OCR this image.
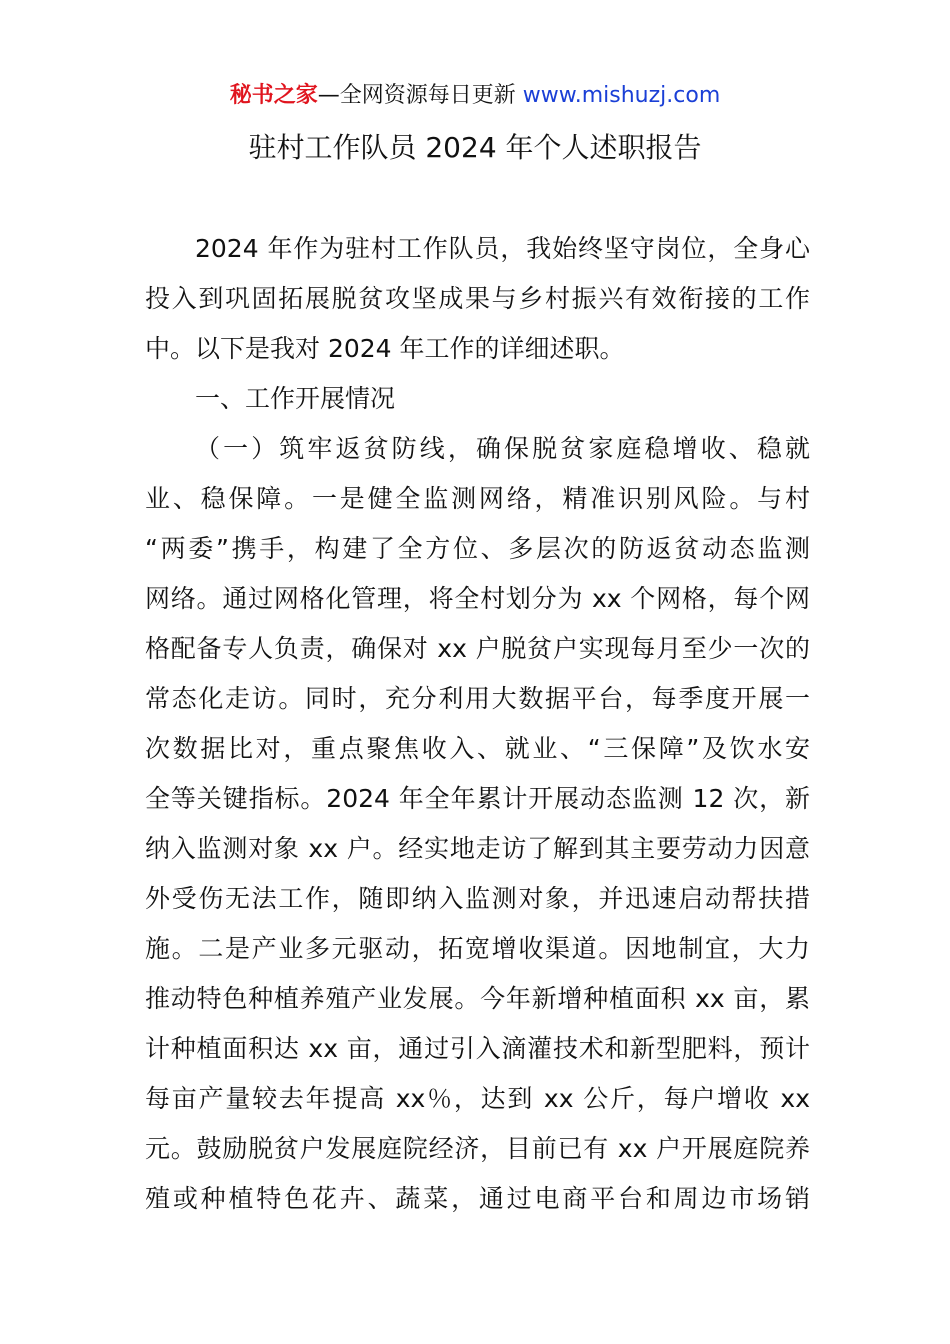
秘书之家—全网资源每日更新 www.mishuzj.com
驻村工作队员 2024 年个人述职报告
2024 年作为驻村工作队员，我始终坚守岗位，全身心
投入到巩固拓展脱贫攻坚成果与乡村振兴有效衔接的工作
中。以下是我对 2024 年工作的详细述职。
一、工作开展情况
（一）筑牢返贫防线，确保脱贫家庭稳增收、稳就
业、稳保障。一是健全监测网络，精准识别风险。与村
“两委”携手，构建了全方位、多层次的防返贫动态监测
网络。通过网格化管理，将全村划分为 xx 个网格，每个网
格配备专人负责，确保对 xx 户脱贫户实现每月至少一次的
常态化走访。同时，充分利用大数据平台，每季度开展一
次数据比对，重点聚焦收入、就业、“三保障”及饮水安
全等关键指标。2024 年全年累计开展动态监测 12 次，新
纳入监测对象 xx 户。经实地走访了解到其主要劳动力因意
外受伤无法工作，随即纳入监测对象，并迅速启动帮扶措
施。二是产业多元驱动，拓宽增收渠道。因地制宜，大力
推动特色种植养殖产业发展。今年新增种植面积 xx 亩，累
计种植面积达 xx 亩，通过引入滴灌技术和新型肥料，预计
每亩产量较去年提高 xx％，达到 xx 公斤，每户增收 xx
元。鼓励脱贫户发展庭院经济，目前已有 xx 户开展庭院养
殖或种植特色花卉、蔬菜，通过电商平台和周边市场销
